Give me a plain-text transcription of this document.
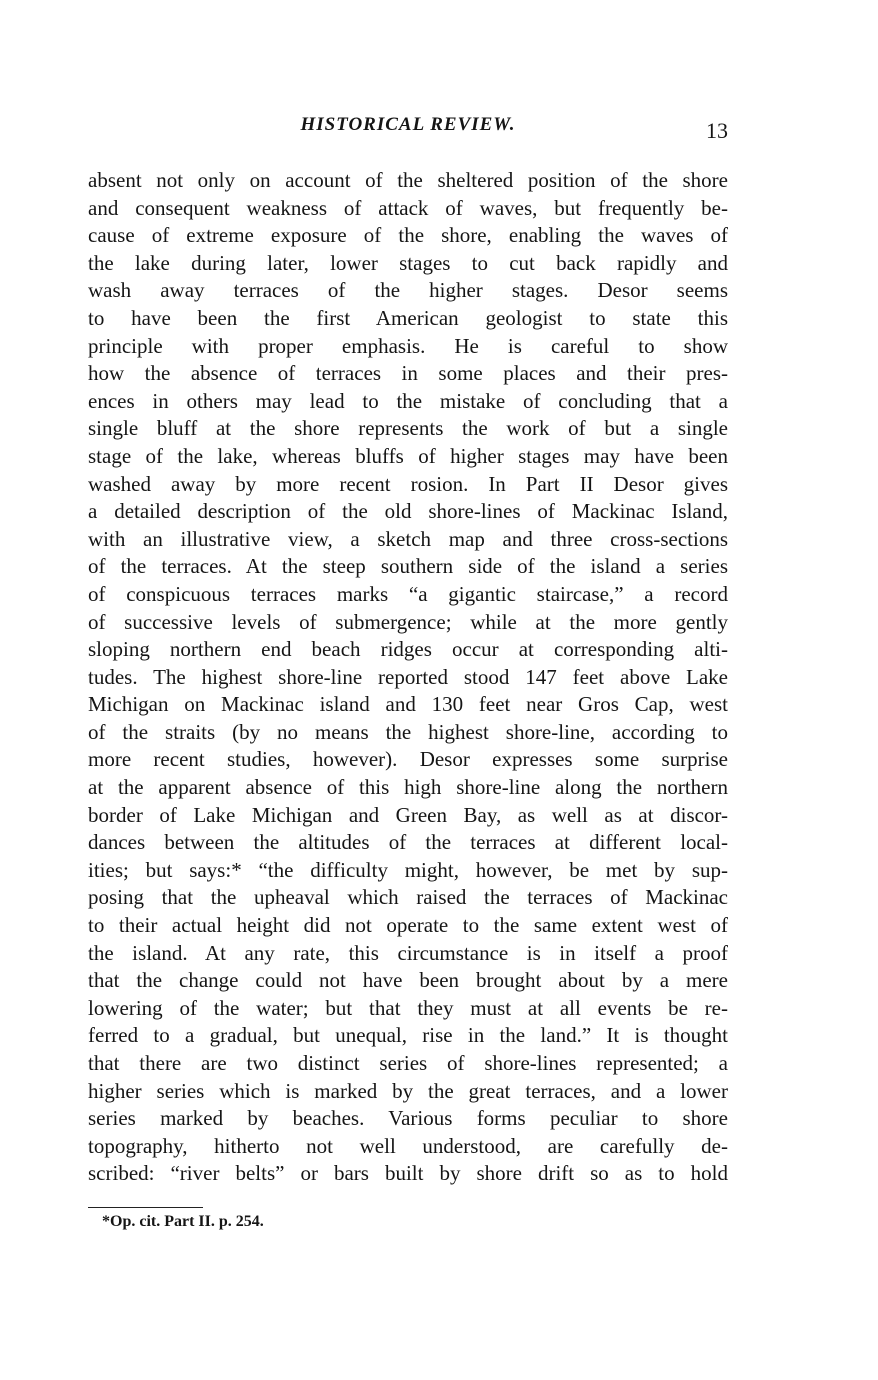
HISTORICAL REVIEW.	13
absent not only on account of the sheltered position of the shore
and consequent weakness of attack of waves, but frequently be-
cause of extreme exposure of the shore, enabling the waves of
the lake during later, lower stages to cut back rapidly and
wash away terraces of the higher stages. Desor seems
to have been the first American geologist to state this
principle with proper emphasis. He is careful to show
how the absence of terraces in some places and their pres-
ences in others may lead to the mistake of concluding that a
single bluff at the shore represents the work of but a single
stage of the lake, whereas bluffs of higher stages may have been
washed away by more recent rosion. In Part II Desor gives
a detailed description of the old shore-lines of Mackinac Island,
with an illustrative view, a sketch map and three cross-sections
of the terraces. At the steep southern side of the island a series
of conspicuous terraces marks “a gigantic staircase,” a record
of successive levels of submergence; while at the more gently
sloping northern end beach ridges occur at corresponding alti-
tudes. The highest shore-line reported stood 147 feet above Lake
Michigan on Mackinac island and 130 feet near Gros Cap, west
of the straits (by no means the highest shore-line, according to
more recent studies, however). Desor expresses some surprise
at the apparent absence of this high shore-line along the northern
border of Lake Michigan and Green Bay, as well as at discor-
dances between the altitudes of the terraces at different local-
ities; but says:* “the difficulty might, however, be met by sup-
posing that the upheaval which raised the terraces of Mackinac
to their actual height did not operate to the same extent west of
the island. At any rate, this circumstance is in itself a proof
that the change could not have been brought about by a mere
lowering of the water; but that they must at all events be re-
ferred to a gradual, but unequal, rise in the land.” It is thought
that there are two distinct series of shore-lines represented; a
higher series which is marked by the great terraces, and a lower
series marked by beaches. Various forms peculiar to shore
topography, hitherto not well understood, are carefully de-
scribed: “river belts” or bars built by shore drift so as to hold
*Op. cit. Part II. p. 254.
